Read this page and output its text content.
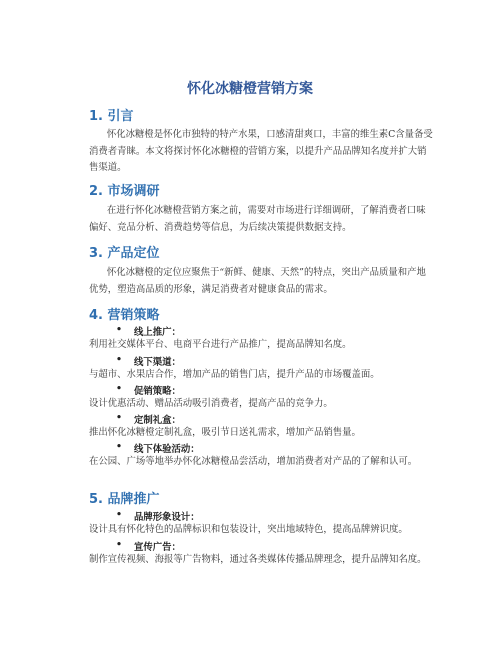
怀化冰糖橙营销方案
1. 引言

怀化冰糖橙是怀化市独特的特产水果，口感清甜爽口，丰富的维生素C含量备受消费者青睐。本文将探讨怀化冰糖橙的营销方案，以提升产品品牌知名度并扩大销售渠道。

2. 市场调研

在进行怀化冰糖橙营销方案之前，需要对市场进行详细调研，了解消费者口味偏好、竞品分析、消费趋势等信息，为后续决策提供数据支持。

3. 产品定位

怀化冰糖橙的定位应聚焦于“新鲜、健康、天然”的特点，突出产品质量和产地优势，塑造高品质的形象，满足消费者对健康食品的需求。

4. 营销策略
• 线上推广：

利用社交媒体平台、电商平台进行产品推广，提高品牌知名度。

• 线下渠道：

与超市、水果店合作，增加产品的销售门店，提升产品的市场覆盖面。

• 促销策略：

设计优惠活动、赠品活动吸引消费者，提高产品的竞争力。

• 定制礼盒：

推出怀化冰糖橙定制礼盒，吸引节日送礼需求，增加产品销售量。

• 线下体验活动：

在公园、广场等地举办怀化冰糖橙品尝活动，增加消费者对产品的了解和认可。

5. 品牌推广
• 品牌形象设计：

设计具有怀化特色的品牌标识和包装设计，突出地域特色，提高品牌辨识度。

• 宣传广告：

制作宣传视频、海报等广告物料，通过各类媒体传播品牌理念，提升品牌知名度。
